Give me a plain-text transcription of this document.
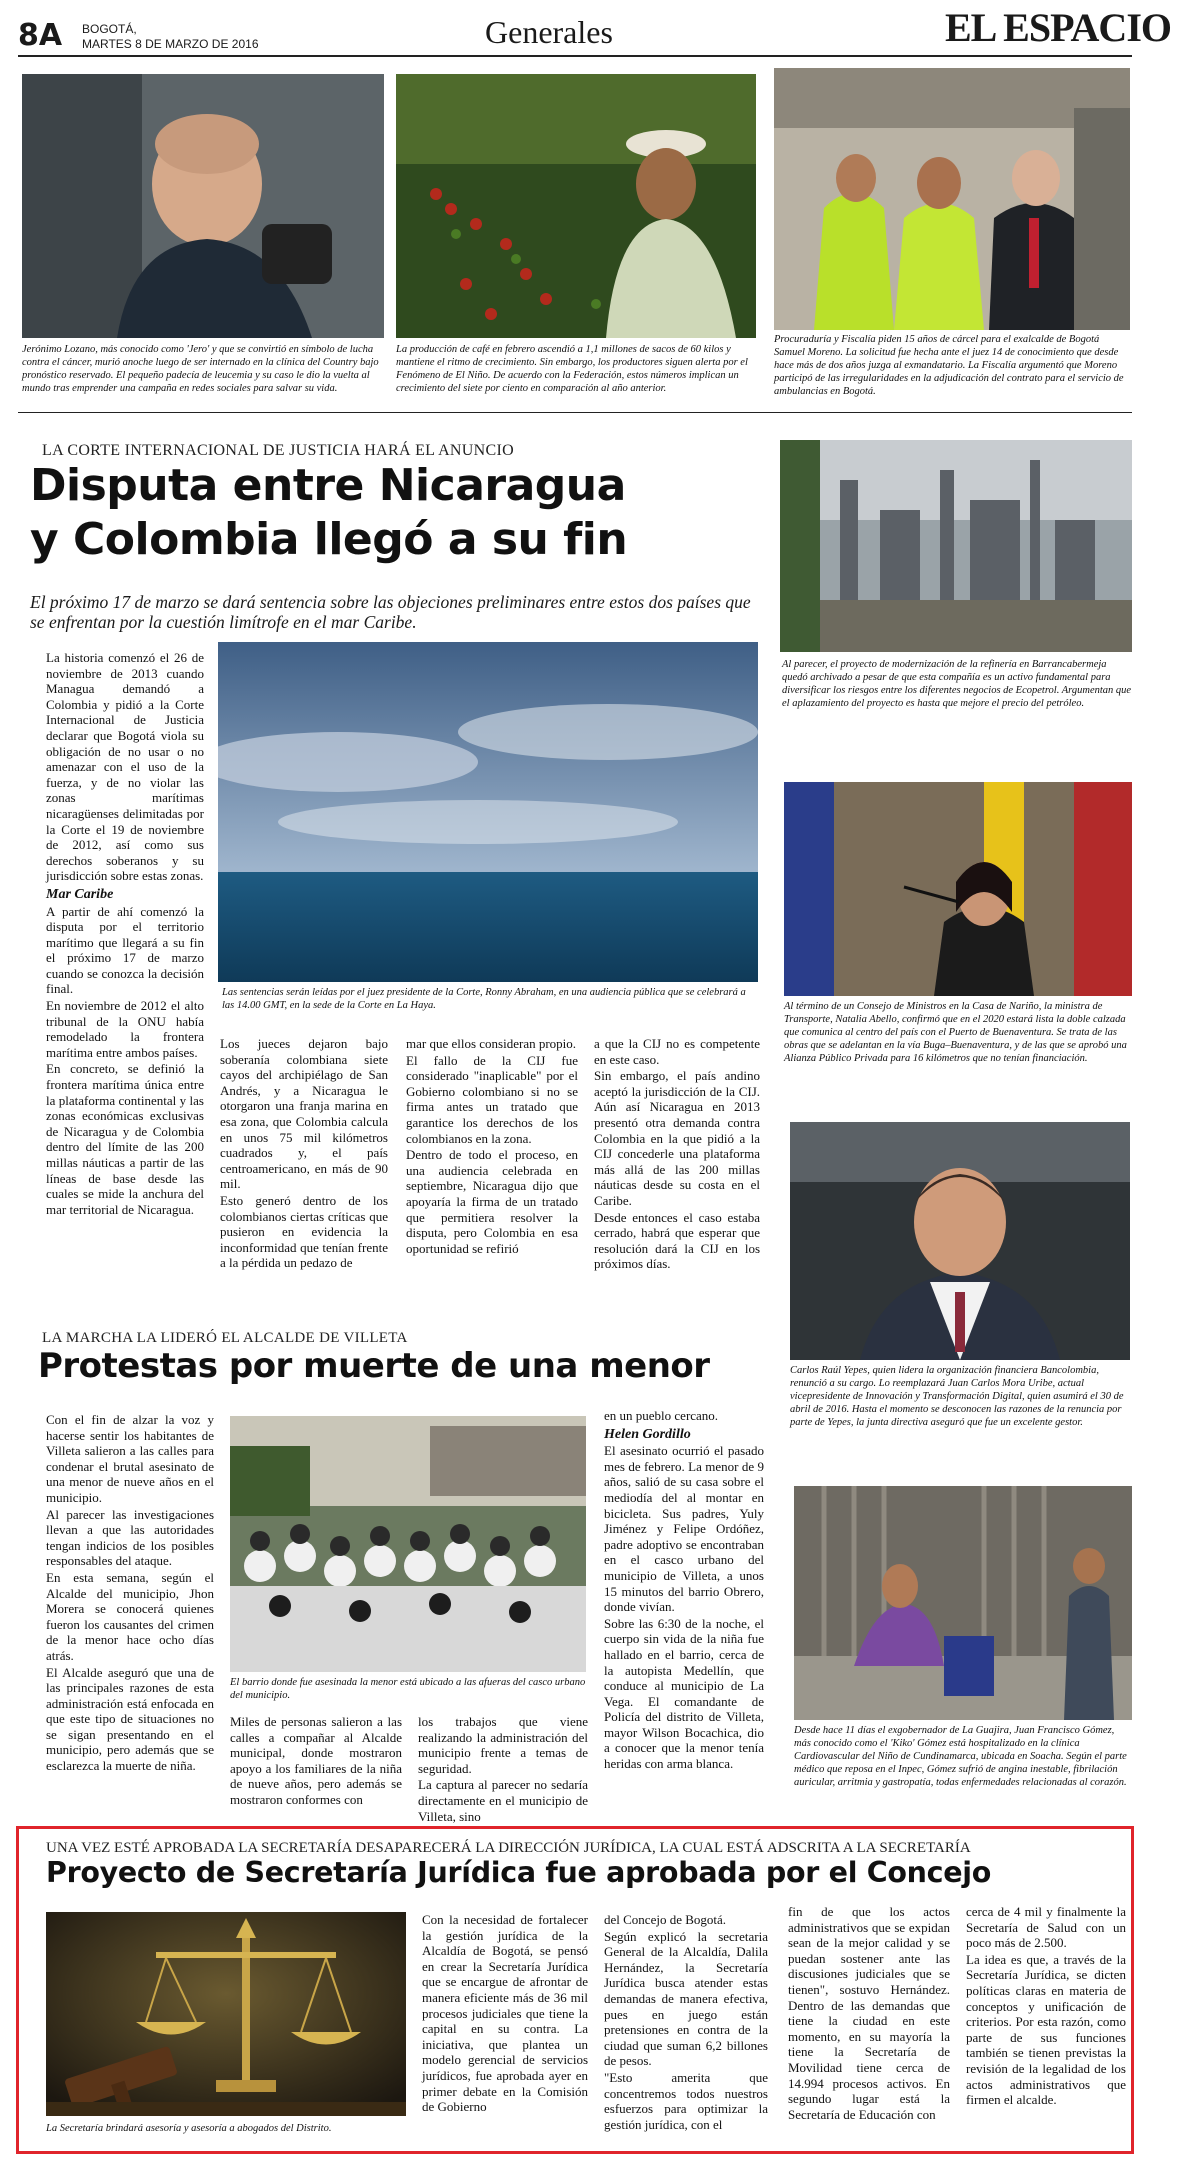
8A BOGOTÁ,
MARTES 8 DE MARZO DE 2016	Generales	EL ESPACIO
Jerónimo Lozano, más conocido como 'Jero' y que se convirtió en símbolo de lucha contra el cáncer, murió anoche luego de ser internado en la clínica del Country bajo pronóstico reservado. El pequeño padecía de leucemia y su caso le dio la vuelta al mundo tras emprender una campaña en redes sociales para salvar su vida.
La producción de café en febrero ascendió a 1,1 millones de sacos de 60 kilos y mantiene el ritmo de crecimiento. Sin embargo, los productores siguen alerta por el Fenómeno de El Niño. De acuerdo con la Federación, estos números implican un crecimiento del siete por ciento en comparación al año anterior.
Procuraduría y Fiscalía piden 15 años de cárcel para el exalcalde de Bogotá Samuel Moreno. La solicitud fue hecha ante el juez 14 de conocimiento que desde hace más de dos años juzga al exmandatario. La Fiscalía argumentó que Moreno participó de las irregularidades en la adjudicación del contrato para el servicio de ambulancias en Bogotá.
LA CORTE INTERNACIONAL DE JUSTICIA HARÁ EL ANUNCIO
Disputa entre Nicaragua
y Colombia llegó a su fin
El próximo 17 de marzo se dará sentencia sobre las objeciones preliminares entre estos dos países que se enfrentan por la cuestión limítrofe en el mar Caribe.
Las sentencias serán leídas por el juez presidente de la Corte, Ronny Abraham, en una audiencia pública que se celebrará a las 14.00 GMT, en la sede de la Corte en La Haya.

La historia comenzó el 26 de noviembre de 2013 cuando Managua demandó a Colombia y pidió a la Corte Internacional de Justicia declarar que Bogotá viola su obligación de no usar o no amenazar con el uso de la fuerza, y de no violar las zonas marítimas nicaragüenses delimitadas por la Corte el 19 de noviembre de 2012, así como sus derechos soberanos y su jurisdicción sobre estas zonas.

Mar Caribe

A partir de ahí comenzó la disputa por el territorio marítimo que llegará a su fin el próximo 17 de marzo cuando se conozca la decisión final.

En noviembre de 2012 el alto tribunal de la ONU había remodelado la frontera marítima entre ambos países.

En concreto, se definió la frontera marítima única entre la plataforma continental y las zonas económicas exclusivas de Nicaragua y de Colombia dentro del límite de las 200 millas náuticas a partir de las líneas de base desde las cuales se mide la anchura del mar territorial de Nicaragua.

Los jueces dejaron bajo soberanía colombiana siete cayos del archipiélago de San Andrés, y a Nicaragua le otorgaron una franja marina en esa zona, que Colombia calcula en unos 75 mil kilómetros cuadrados y, el país centroamericano, en más de 90 mil.

Esto generó dentro de los colombianos ciertas críticas que pusieron en evidencia la inconformidad que tenían frente a la pérdida un pedazo de

mar que ellos consideran propio.

El fallo de la CIJ fue considerado "inaplicable" por el Gobierno colombiano si no se firma antes un tratado que garantice los derechos de los colombianos en la zona.

Dentro de todo el proceso, en una audiencia celebrada en septiembre, Nicaragua dijo que apoyaría la firma de un tratado que permitiera resolver la disputa, pero Colombia en esa oportunidad se refirió

a que la CIJ no es competente en este caso.

Sin embargo, el país andino aceptó la jurisdicción de la CIJ. Aún así Nicaragua en 2013 presentó otra demanda contra Colombia en la que pidió a la CIJ concederle una plataforma más allá de las 200 millas náuticas desde su costa en el Caribe.

Desde entonces el caso estaba cerrado, habrá que esperar que resolución dará la CIJ en los próximos días.

Al parecer, el proyecto de modernización de la refinería en Barrancabermeja quedó archivado a pesar de que esta compañía es un activo fundamental para diversificar los riesgos entre los diferentes negocios de Ecopetrol. Argumentan que el aplazamiento del proyecto es hasta que mejore el precio del petróleo.
Al término de un Consejo de Ministros en la Casa de Nariño, la ministra de Transporte, Natalia Abello, confirmó que en el 2020 estará lista la doble calzada que comunica al centro del país con el Puerto de Buenaventura. Se trata de las obras que se adelantan en la vía Buga–Buenaventura, y de las que se aprobó una Alianza Público Privada para 16 kilómetros que no tenían financiación.
Carlos Raúl Yepes, quien lidera la organización financiera Bancolombia, renunció a su cargo. Lo reemplazará Juan Carlos Mora Uribe, actual vicepresidente de Innovación y Transformación Digital, quien asumirá el 30 de abril de 2016. Hasta el momento se desconocen las razones de la renuncia por parte de Yepes, la junta directiva aseguró que fue un excelente gestor.
Desde hace 11 días el exgobernador de La Guajira, Juan Francisco Gómez, más conocido como el 'Kiko' Gómez está hospitalizado en la clínica Cardiovascular del Niño de Cundinamarca, ubicada en Soacha. Según el parte médico que reposa en el Inpec, Gómez sufrió de angina inestable, fibrilación auricular, arritmia y gastropatía, todas enfermedades relacionadas al corazón.
LA MARCHA LA LIDERÓ EL ALCALDE DE VILLETA
Protestas por muerte de una menor

Con el fin de alzar la voz y hacerse sentir los habitantes de Villeta salieron a las calles para condenar el brutal asesinato de una menor de nueve años en el municipio.

Al parecer las investigaciones llevan a que las autoridades tengan indicios de los posibles responsables del ataque.

En esta semana, según el Alcalde del municipio, Jhon Morera se conocerá quienes fueron los causantes del crimen de la menor hace ocho días atrás.

El Alcalde aseguró que una de las principales razones de esta administración está enfocada en que este tipo de situaciones no se sigan presentando en el municipio, pero además que se esclarezca la muerte de niña.

El barrio donde fue asesinada la menor está ubicado a las afueras del casco urbano del municipio.

Miles de personas salieron a las calles a compañar al Alcalde municipal, donde mostraron apoyo a los familiares de la niña de nueve años, pero además se mostraron conformes con

los trabajos que viene realizando la administración del municipio frente a temas de seguridad.

La captura al parecer no sedaría directamente en el municipio de Villeta, sino

en un pueblo cercano.

Helen Gordillo

El asesinato ocurrió el pasado mes de febrero. La menor de 9 años, salió de su casa sobre el mediodía del al montar en bicicleta. Sus padres, Yuly Jiménez y Felipe Ordóñez, padre adoptivo se encontraban en el casco urbano del municipio de Villeta, a unos 15 minutos del barrio Obrero, donde vivían.

Sobre las 6:30 de la noche, el cuerpo sin vida de la niña fue hallado en el barrio, cerca de la autopista Medellín, que conduce al municipio de La Vega. El comandante de Policía del distrito de Villeta, mayor Wilson Bocachica, dio a conocer que la menor tenía heridas con arma blanca.

UNA VEZ ESTÉ APROBADA LA SECRETARÍA DESAPARECERÁ LA DIRECCIÓN JURÍDICA, LA CUAL ESTÁ ADSCRITA A LA SECRETARÍA
Proyecto de Secretaría Jurídica fue aprobada por el Concejo
La Secretaría brindará asesoría y asesoría a abogados del Distrito.

Con la necesidad de fortalecer la gestión jurídica de la Alcaldía de Bogotá, se pensó en crear la Secretaría Jurídica que se encargue de afrontar de manera eficiente más de 36 mil procesos judiciales que tiene la capital en su contra. La iniciativa, que plantea un modelo gerencial de servicios jurídicos, fue aprobada ayer en primer debate en la Comisión de Gobierno

del Concejo de Bogotá.

Según explicó la secretaria General de la Alcaldía, Dalila Hernández, la Secretaría Jurídica busca atender estas demandas de manera efectiva, pues en juego están pretensiones en contra de la ciudad que suman 6,2 billones de pesos.

"Esto amerita que concentremos todos nuestros esfuerzos para optimizar la gestión jurídica, con el

fin de que los actos administrativos que se expidan sean de la mejor calidad y se puedan sostener ante las discusiones judiciales que se tienen", sostuvo Hernández. Dentro de las demandas que tiene la ciudad en este momento, en su mayoría la tiene la Secretaría de Movilidad tiene cerca de 14.994 procesos activos. En segundo lugar está la Secretaría de Educación con

cerca de 4 mil y finalmente la Secretaría de Salud con un poco más de 2.500.

La idea es que, a través de la Secretaría Jurídica, se dicten políticas claras en materia de conceptos y unificación de criterios. Por esta razón, como parte de sus funciones también se tienen previstas la revisión de la legalidad de los actos administrativos que firmen el alcalde.
